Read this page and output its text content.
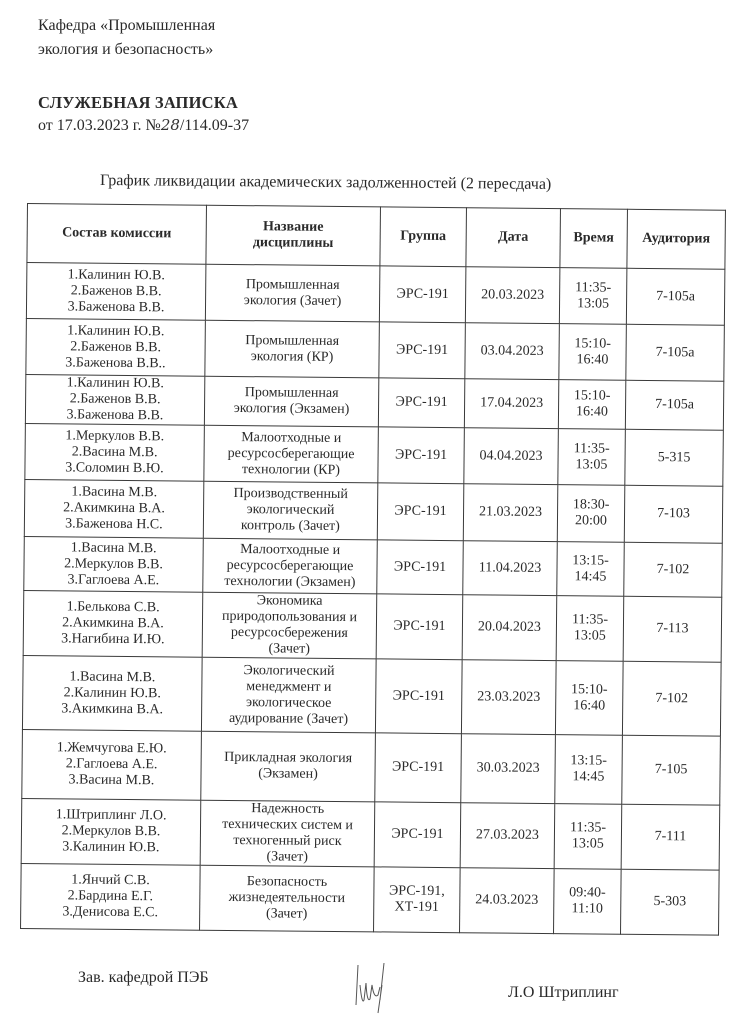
Кафедра «Промышленная
экология и безопасность»
СЛУЖЕБНАЯ ЗАПИСКА
от 17.03.2023 г. №28/114.09-37
График ликвидации академических задолженностей (2 пересдача)
Состав комиссии	Название
дисциплины	Группа	Дата	Время	Аудитория

1.Калинин Ю.В.
2.Баженов В.В.
3.Баженова В.В.	Промышленная
экология (Зачет)	ЭРС-191	20.03.2023	11:35-
13:05	7-105а

1.Калинин Ю.В.
2.Баженов В.В.
3.Баженова В.В..	Промышленная
экология (КР)	ЭРС-191	03.04.2023	15:10-
16:40	7-105а

1.Калинин Ю.В.
2.Баженов В.В.
3.Баженова В.В.	Промышленная
экология (Экзамен)	ЭРС-191	17.04.2023	15:10-
16:40	7-105а

1.Меркулов В.В.
2.Васина М.В.
3.Соломин В.Ю.	Малоотходные и
ресурсосберегающие
технологии (КР)	ЭРС-191	04.04.2023	11:35-
13:05	5-315

1.Васина М.В.
2.Акимкина В.А.
3.Баженова Н.С.	Производственный
экологический
контроль (Зачет)	ЭРС-191	21.03.2023	18:30-
20:00	7-103

1.Васина М.В.
2.Меркулов В.В.
3.Гаглоева А.Е.	Малоотходные и
ресурсосберегающие
технологии (Экзамен)	ЭРС-191	11.04.2023	13:15-
14:45	7-102

1.Белькова С.В.
2.Акимкина В.А.
3.Нагибина И.Ю.	Экономика
природопользования и
ресурсосбережения
(Зачет)	ЭРС-191	20.04.2023	11:35-
13:05	7-113

1.Васина М.В.
2.Калинин Ю.В.
3.Акимкина В.А.	Экологический
менеджмент и
экологическое
аудирование (Зачет)	ЭРС-191	23.03.2023	15:10-
16:40	7-102

1.Жемчугова Е.Ю.
2.Гаглоева А.Е.
3.Васина М.В.	Прикладная экология
(Экзамен)	ЭРС-191	30.03.2023	13:15-
14:45	7-105

1.Штриплинг Л.О.
2.Меркулов В.В.
3.Калинин Ю.В.	Надежность
технических систем и
техногенный риск
(Зачет)	ЭРС-191	27.03.2023	11:35-
13:05	7-111

1.Янчий С.В.
2.Бардина Е.Г.
3.Денисова Е.С.	Безопасность
жизнедеятельности
(Зачет)	ЭРС-191,
ХТ-191	24.03.2023	09:40-
11:10	5-303
Зав. кафедрой ПЭБ
Л.О Штриплинг
